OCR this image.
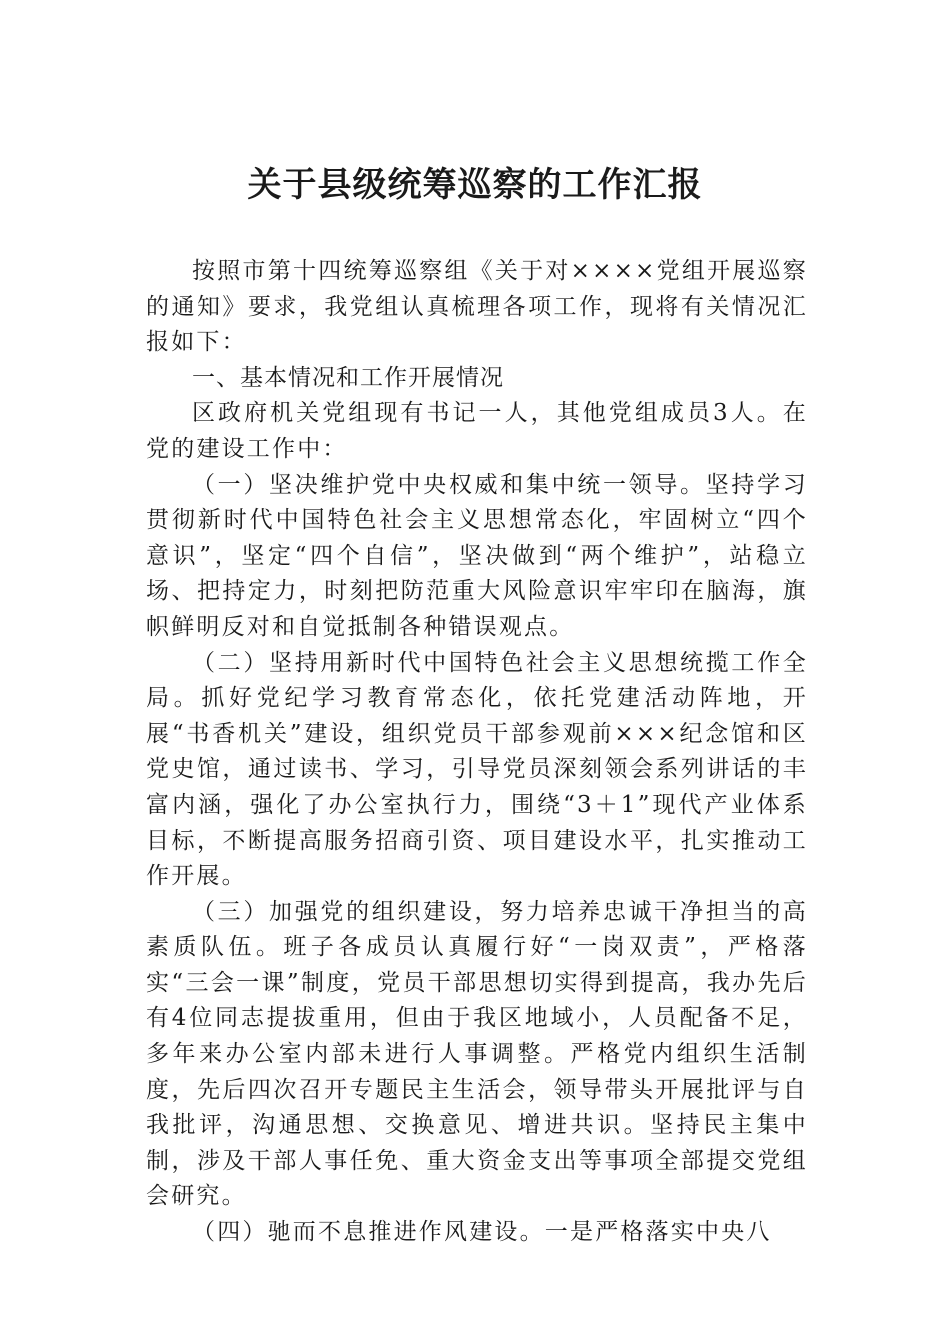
关于县级统筹巡察的工作汇报

按照市第十四统筹巡察组《关于对××××党组开展巡察的通知》要求，我党组认真梳理各项工作，现将有关情况汇报如下：

一、基本情况和工作开展情况

区政府机关党组现有书记一人，其他党组成员3人。在党的建设工作中：

（一）坚决维护党中央权威和集中统一领导。坚持学习贯彻新时代中国特色社会主义思想常态化，牢固树立“四个意识”，坚定“四个自信”，坚决做到“两个维护”，站稳立场、把持定力，时刻把防范重大风险意识牢牢印在脑海，旗帜鲜明反对和自觉抵制各种错误观点。

（二）坚持用新时代中国特色社会主义思想统揽工作全局。抓好党纪学习教育常态化，依托党建活动阵地，开展“书香机关”建设，组织党员干部参观前×××纪念馆和区党史馆，通过读书、学习，引导党员深刻领会系列讲话的丰富内涵，强化了办公室执行力，围绕“3＋1”现代产业体系目标，不断提高服务招商引资、项目建设水平，扎实推动工作开展。

（三）加强党的组织建设，努力培养忠诚干净担当的高素质队伍。班子各成员认真履行好“一岗双责”，严格落实“三会一课”制度，党员干部思想切实得到提高，我办先后有4位同志提拔重用，但由于我区地域小，人员配备不足，多年来办公室内部未进行人事调整。严格党内组织生活制度，先后四次召开专题民主生活会，领导带头开展批评与自我批评，沟通思想、交换意见、增进共识。坚持民主集中制，涉及干部人事任免、重大资金支出等事项全部提交党组会研究。

（四）驰而不息推进作风建设。一是严格落实中央八
